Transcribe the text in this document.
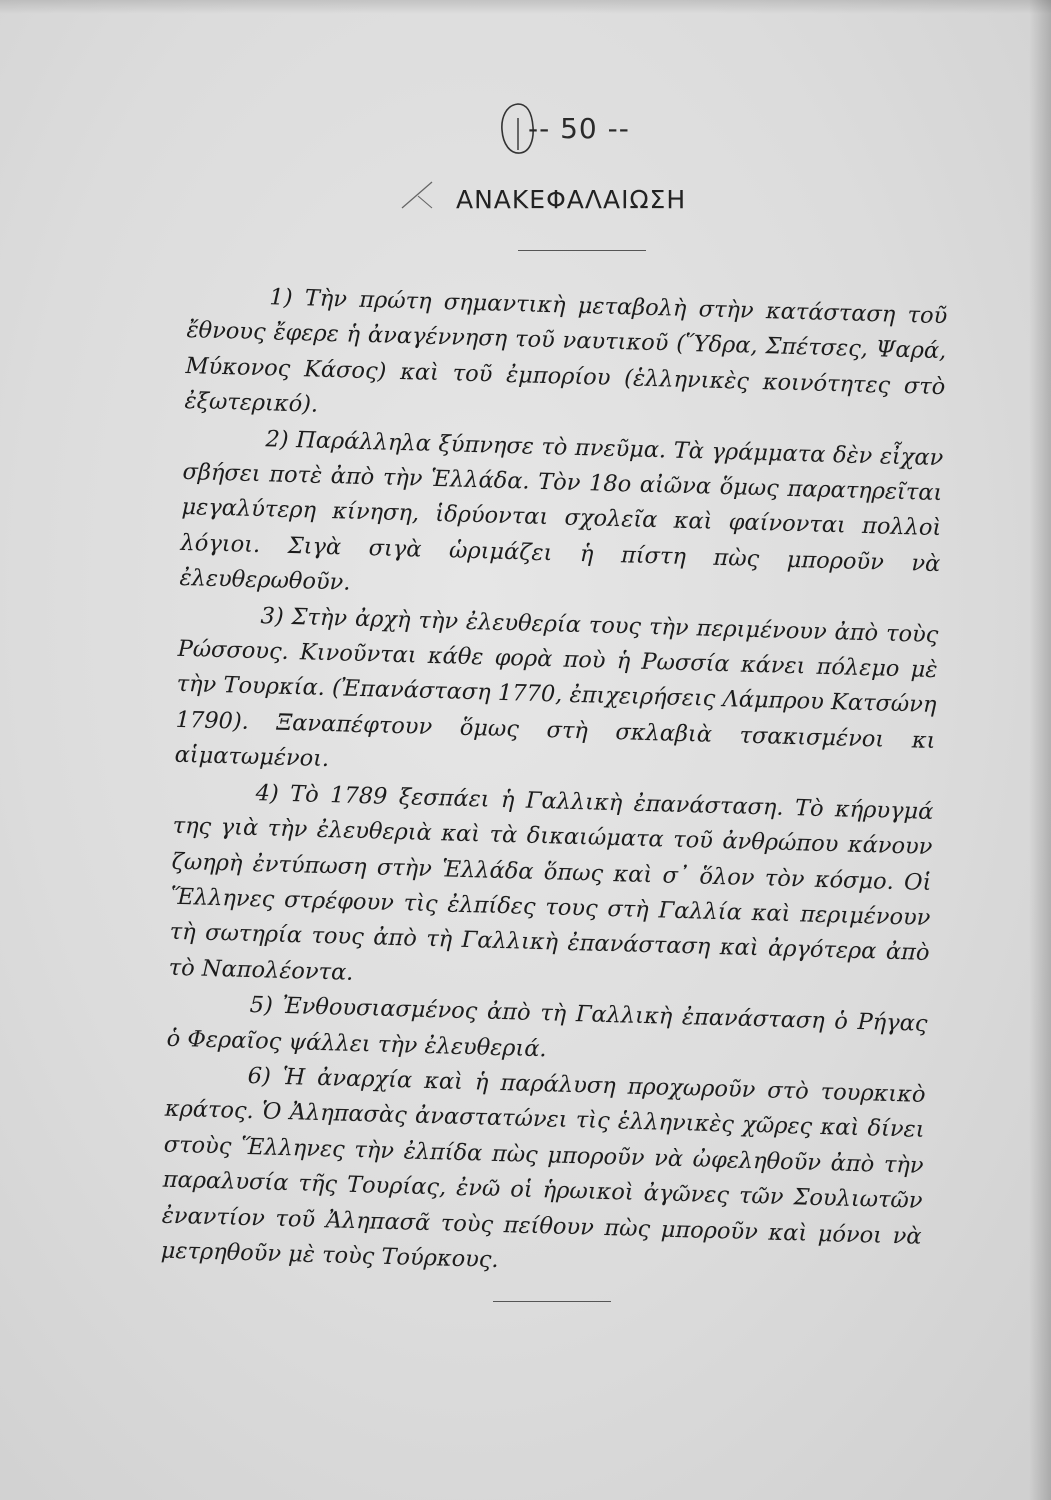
-- 50 --
ΑΝΑΚΕΦΑΛΑΙΩΣΗ

1) Τὴν πρώτη σημαντικὴ μεταβολὴ στὴν κατάσταση τοῦ ἔθνους ἔφερε ἡ ἀναγέννηση τοῦ ναυτικοῦ (Ὕδρα, Σπέτσες, Ψαρά, Μύκονος Κάσος) καὶ τοῦ ἐμπορίου (ἑλληνικὲς κοινότητες στὸ ἐξωτερικό).

2) Παράλληλα ξύπνησε τὸ πνεῦμα. Τὰ γράμματα δὲν εἶχαν σβήσει ποτὲ ἀπὸ τὴν Ἑλλάδα. Τὸν 18ο αἰῶνα ὅμως παρατηρεῖται μεγαλύτερη κίνηση, ἱδρύονται σχολεῖα καὶ φαίνονται πολλοὶ λόγιοι. Σιγὰ σιγὰ ὡριμάζει ἡ πίστη πὼς μποροῦν νὰ ἐλευθερωθοῦν.

3) Στὴν ἀρχὴ τὴν ἐλευθερία τους τὴν περιμένουν ἀπὸ τοὺς Ρώσσους. Κινοῦνται κάθε φορὰ ποὺ ἡ Ρωσσία κάνει πόλεμο μὲ τὴν Τουρκία. (Ἐπανάσταση 1770, ἐπιχειρήσεις Λάμπρου Κατσώνη 1790). Ξαναπέφτουν ὅμως στὴ σκλαβιὰ τσακισμένοι κι αἱματωμένοι.

4) Τὸ 1789 ξεσπάει ἡ Γαλλικὴ ἐπανάσταση. Τὸ κήρυγμά της γιὰ τὴν ἐλευθεριὰ καὶ τὰ δικαιώματα τοῦ ἀνθρώπου κάνουν ζωηρὴ ἐντύπωση στὴν Ἑλλάδα ὅπως καὶ σ᾽ ὅλον τὸν κόσμο. Οἱ Ἕλληνες στρέφουν τὶς ἐλπίδες τους στὴ Γαλλία καὶ περιμένουν τὴ σωτηρία τους ἀπὸ τὴ Γαλλικὴ ἐπανάσταση καὶ ἀργότερα ἀπὸ τὸ Ναπολέοντα.

5) Ἐνθουσιασμένος ἀπὸ τὴ Γαλλικὴ ἐπανάσταση ὁ Ρήγας ὁ Φεραῖος ψάλλει τὴν ἐλευθεριά.

6) Ἡ ἀναρχία καὶ ἡ παράλυση προχωροῦν στὸ τουρκικὸ κράτος. Ὁ Ἀληπασὰς ἀναστατώνει τὶς ἑλληνικὲς χῶρες καὶ δίνει στοὺς Ἕλληνες τὴν ἐλπίδα πὼς μποροῦν νὰ ὠφεληθοῦν ἀπὸ τὴν παραλυσία τῆς Τουρίας, ἐνῶ οἱ ἡρωικοὶ ἀγῶνες τῶν Σουλιωτῶν ἐναντίον τοῦ Ἀληπασᾶ τοὺς πείθουν πὼς μποροῦν καὶ μόνοι νὰ μετρηθοῦν μὲ τοὺς Τούρκους.
